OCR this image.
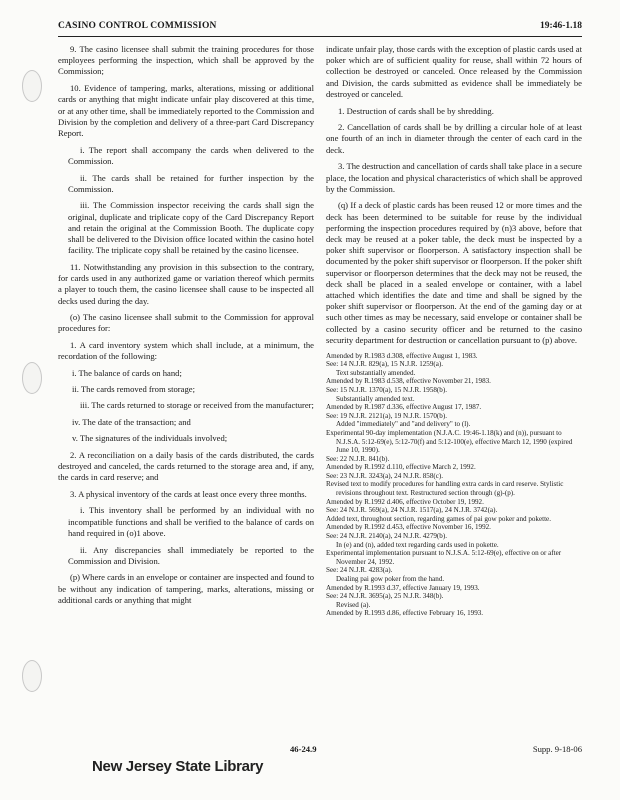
CASINO CONTROL COMMISSION	19:46-1.18

9. The casino licensee shall submit the training procedures for those employees performing the inspection, which shall be approved by the Commission;

10. Evidence of tampering, marks, alterations, missing or additional cards or anything that might indicate unfair play discovered at this time, or at any other time, shall be immediately reported to the Commission and Division by the completion and delivery of a three-part Card Discrepancy Report.

i. The report shall accompany the cards when delivered to the Commission.

ii. The cards shall be retained for further inspection by the Commission.

iii. The Commission inspector receiving the cards shall sign the original, duplicate and triplicate copy of the Card Discrepancy Report and retain the original at the Commission Booth. The duplicate copy shall be delivered to the Division office located within the casino hotel facility. The triplicate copy shall be retained by the casino licensee.

11. Notwithstanding any provision in this subsection to the contrary, for cards used in any authorized game or variation thereof which permits a player to touch them, the casino licensee shall cause to be inspected all decks used during the day.

(o) The casino licensee shall submit to the Commission for approval procedures for:

1. A card inventory system which shall include, at a minimum, the recordation of the following:

i. The balance of cards on hand;

ii. The cards removed from storage;

iii. The cards returned to storage or received from the manufacturer;

iv. The date of the transaction; and

v. The signatures of the individuals involved;

2. A reconciliation on a daily basis of the cards distributed, the cards destroyed and canceled, the cards returned to the storage area and, if any, the cards in card reserve; and

3. A physical inventory of the cards at least once every three months.

i. This inventory shall be performed by an individual with no incompatible functions and shall be verified to the balance of cards on hand required in (o)1 above.

ii. Any discrepancies shall immediately be reported to the Commission and Division.

(p) Where cards in an envelope or container are inspected and found to be without any indication of tampering, marks, alterations, missing or additional cards or anything that might

indicate unfair play, those cards with the exception of plastic cards used at poker which are of sufficient quality for reuse, shall within 72 hours of collection be destroyed or canceled. Once released by the Commission and Division, the cards submitted as evidence shall be immediately be destroyed or canceled.

1. Destruction of cards shall be by shredding.

2. Cancellation of cards shall be by drilling a circular hole of at least one fourth of an inch in diameter through the center of each card in the deck.

3. The destruction and cancellation of cards shall take place in a secure place, the location and physical characteristics of which shall be approved by the Commission.

(q) If a deck of plastic cards has been reused 12 or more times and the deck has been determined to be suitable for reuse by the individual performing the inspection procedures required by (n)3 above, before that deck may be reused at a poker table, the deck must be inspected by a poker shift supervisor or floorperson. A satisfactory inspection shall be documented by the poker shift supervisor or floorperson. If the poker shift supervisor or floorperson determines that the deck may not be reused, the deck shall be placed in a sealed envelope or container, with a label attached which identifies the date and time and shall be signed by the poker shift supervisor or floorperson. At the end of the gaming day or at such other times as may be necessary, said envelope or container shall be collected by a casino security officer and be returned to the casino security department for destruction or cancellation pursuant to (p) above.

Amended by R.1983 d.308, effective August 1, 1983.
See: 14 N.J.R. 829(a), 15 N.J.R. 1259(a).
Text substantially amended.
Amended by R.1983 d.538, effective November 21, 1983.
See: 15 N.J.R. 1370(a), 15 N.J.R. 1958(b).
Substantially amended text.
Amended by R.1987 d.336, effective August 17, 1987.
See: 19 N.J.R. 2121(a), 19 N.J.R. 1570(b).
Added "immediately" and "and delivery" to (l).
Experimental 90-day implementation (N.J.A.C. 19:46-1.18(k) and (n)), pursuant to N.J.S.A. 5:12-69(e), 5:12-70(f) and 5:12-100(e), effective March 12, 1990 (expired June 10, 1990).
See: 22 N.J.R. 841(b).
Amended by R.1992 d.110, effective March 2, 1992.
See: 23 N.J.R. 3243(a), 24 N.J.R. 858(c).
Revised text to modify procedures for handling extra cards in card reserve. Stylistic revisions throughout text. Restructured section through (g)-(p).
Amended by R.1992 d.406, effective October 19, 1992.
See: 24 N.J.R. 569(a), 24 N.J.R. 1517(a), 24 N.J.R. 3742(a).
Added text, throughout section, regarding games of pai gow poker and pokette.
Amended by R.1992 d.453, effective November 16, 1992.
See: 24 N.J.R. 2140(a), 24 N.J.R. 4279(b).
In (e) and (n), added text regarding cards used in pokette.
Experimental implementation pursuant to N.J.S.A. 5:12-69(e), effective on or after November 24, 1992.
See: 24 N.J.R. 4283(a).
Dealing pai gow poker from the hand.
Amended by R.1993 d.37, effective January 19, 1993.
See: 24 N.J.R. 3695(a), 25 N.J.R. 348(b).
Revised (a).
Amended by R.1993 d.86, effective February 16, 1993.
46-24.9	Supp. 9-18-06
New Jersey State Library
